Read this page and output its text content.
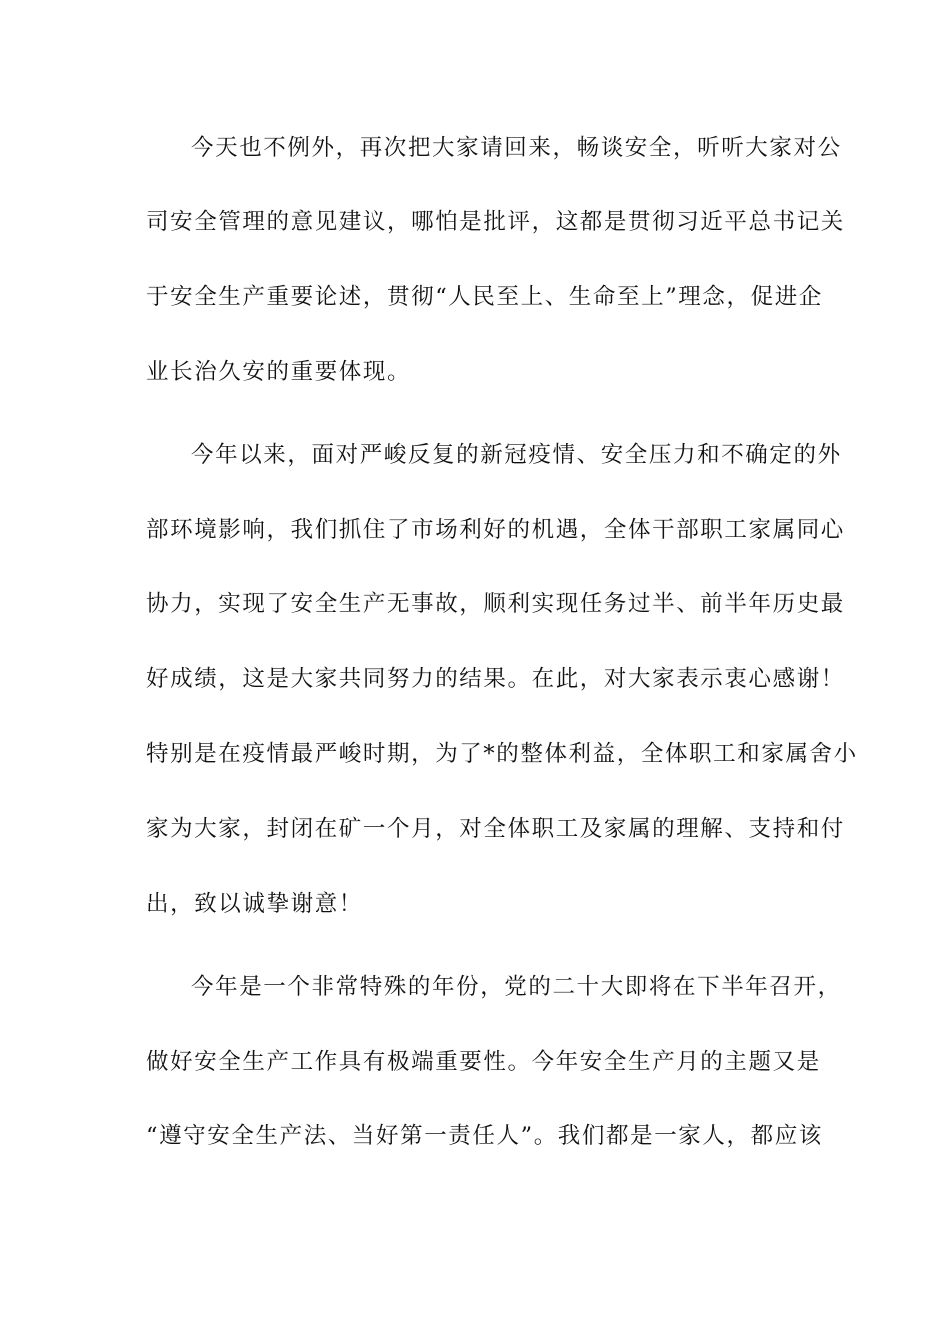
今天也不例外，再次把大家请回来，畅谈安全，听听大家对公
司安全管理的意见建议，哪怕是批评，这都是贯彻习近平总书记关
于安全生产重要论述，贯彻“人民至上、生命至上”理念，促进企
业长治久安的重要体现。
今年以来，面对严峻反复的新冠疫情、安全压力和不确定的外
部环境影响，我们抓住了市场利好的机遇，全体干部职工家属同心
协力，实现了安全生产无事故，顺利实现任务过半、前半年历史最
好成绩，这是大家共同努力的结果。在此，对大家表示衷心感谢！
特别是在疫情最严峻时期，为了*的整体利益，全体职工和家属舍小
家为大家，封闭在矿一个月，对全体职工及家属的理解、支持和付
出，致以诚挚谢意！
今年是一个非常特殊的年份，党的二十大即将在下半年召开，
做好安全生产工作具有极端重要性。今年安全生产月的主题又是
“遵守安全生产法、当好第一责任人”。我们都是一家人，都应该
